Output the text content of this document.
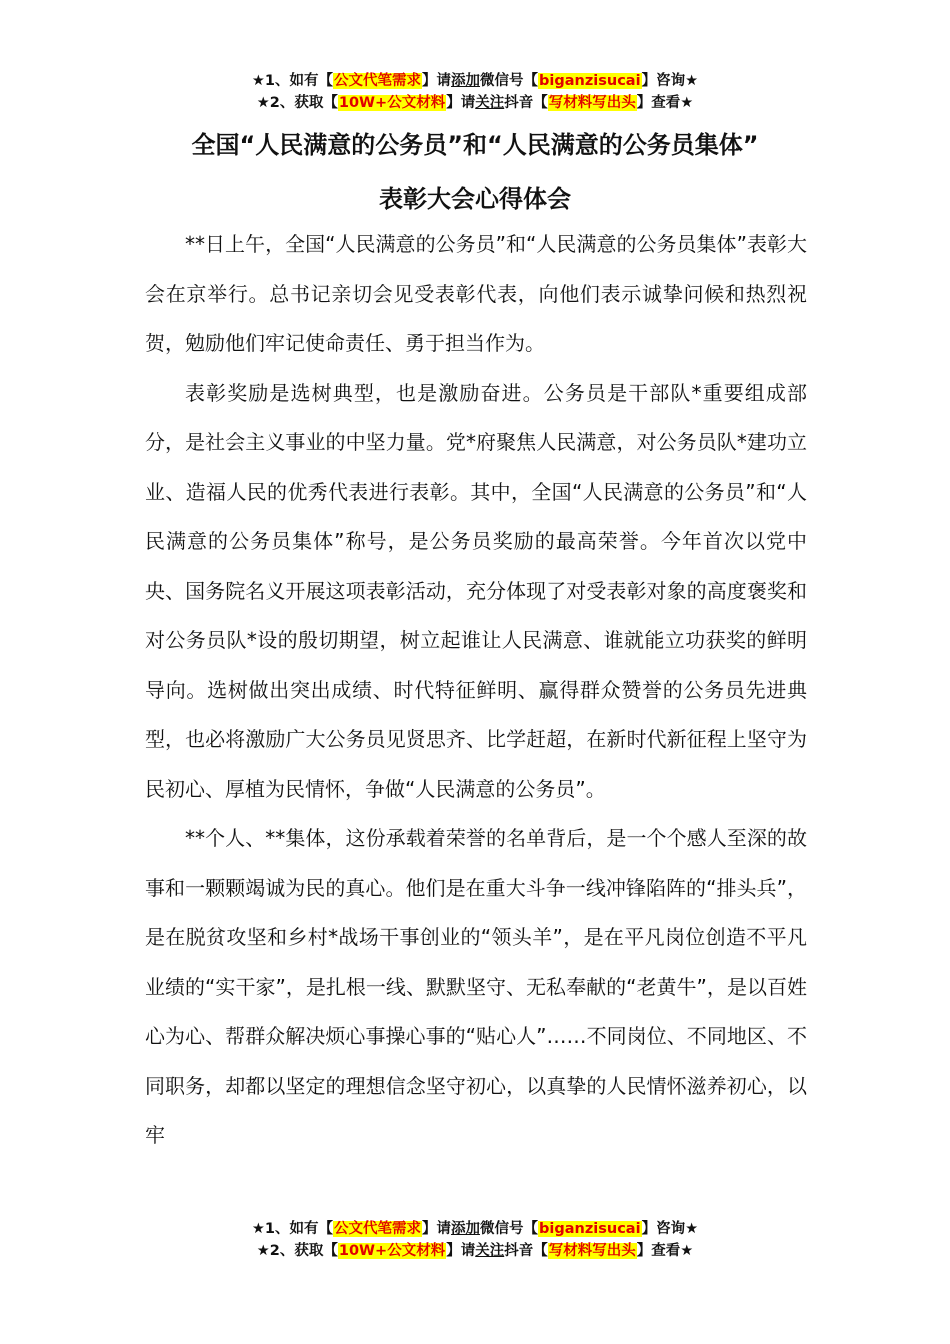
★1、如有【公文代笔需求】请添加微信号【biganzisucai】咨询★
★2、获取【10W+公文材料】请关注抖音【写材料写出头】查看★
全国“人民满意的公务员”和“人民满意的公务员集体”
表彰大会心得体会

**日上午，全国“人民满意的公务员”和“人民满意的公务员集体”表彰大会在京举行。总书记亲切会见受表彰代表，向他们表示诚挚问候和热烈祝贺，勉励他们牢记使命责任、勇于担当作为。

表彰奖励是选树典型，也是激励奋进。公务员是干部队*重要组成部分，是社会主义事业的中坚力量。党*府聚焦人民满意，对公务员队*建功立业、造福人民的优秀代表进行表彰。其中，全国“人民满意的公务员”和“人民满意的公务员集体”称号，是公务员奖励的最高荣誉。今年首次以党中央、国务院名义开展这项表彰活动，充分体现了对受表彰对象的高度褒奖和对公务员队*设的殷切期望，树立起谁让人民满意、谁就能立功获奖的鲜明导向。选树做出突出成绩、时代特征鲜明、赢得群众赞誉的公务员先进典型，也必将激励广大公务员见贤思齐、比学赶超，在新时代新征程上坚守为民初心、厚植为民情怀，争做“人民满意的公务员”。

**个人、**集体，这份承载着荣誉的名单背后，是一个个感人至深的故事和一颗颗竭诚为民的真心。他们是在重大斗争一线冲锋陷阵的“排头兵”，是在脱贫攻坚和乡村*战场干事创业的“领头羊”，是在平凡岗位创造不平凡业绩的“实干家”，是扎根一线、默默坚守、无私奉献的“老黄牛”，是以百姓心为心、帮群众解决烦心事操心事的“贴心人”……不同岗位、不同地区、不同职务，却都以坚定的理想信念坚守初心，以真挚的人民情怀滋养初心，以牢

★1、如有【公文代笔需求】请添加微信号【biganzisucai】咨询★
★2、获取【10W+公文材料】请关注抖音【写材料写出头】查看★
